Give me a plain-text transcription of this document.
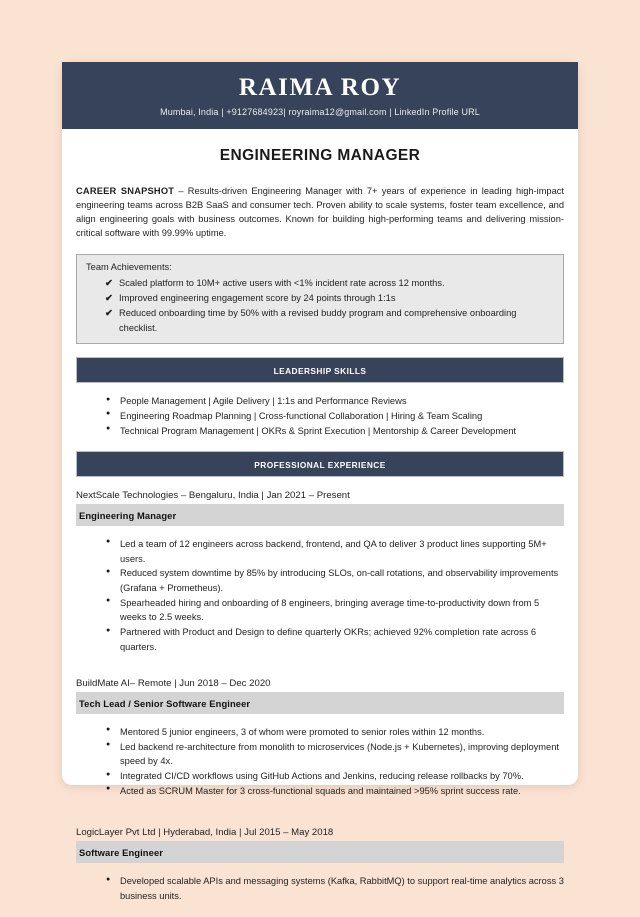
RAIMA ROY
Mumbai, India | +9127684923| royraima12@gmail.com | LinkedIn Profile URL
ENGINEERING MANAGER

CAREER SNAPSHOT – Results-driven Engineering Manager with 7+ years of experience in leading high-impact engineering teams across B2B SaaS and consumer tech. Proven ability to scale systems, foster team excellence, and align engineering goals with business outcomes. Known for building high-performing teams and delivering mission-critical software with 99.99% uptime.

Team Achievements:
✔ Scaled platform to 10M+ active users with <1% incident rate across 12 months.
✔ Improved engineering engagement score by 24 points through 1:1s
✔ Reduced onboarding time by 50% with a revised buddy program and comprehensive onboarding checklist.
LEADERSHIP SKILLS
● People Management | Agile Delivery | 1:1s and Performance Reviews
● Engineering Roadmap Planning | Cross-functional Collaboration | Hiring & Team Scaling
● Technical Program Management | OKRs & Sprint Execution | Mentorship & Career Development
PROFESSIONAL EXPERIENCE
NextScale Technologies – Bengaluru, India | Jan 2021 – Present
Engineering Manager
● Led a team of 12 engineers across backend, frontend, and QA to deliver 3 product lines supporting 5M+ users.
● Reduced system downtime by 85% by introducing SLOs, on-call rotations, and observability improvements (Grafana + Prometheus).
● Spearheaded hiring and onboarding of 8 engineers, bringing average time-to-productivity down from 5 weeks to 2.5 weeks.
● Partnered with Product and Design to define quarterly OKRs; achieved 92% completion rate across 6 quarters.
BuildMate AI– Remote | Jun 2018 – Dec 2020
Tech Lead / Senior Software Engineer
● Mentored 5 junior engineers, 3 of whom were promoted to senior roles within 12 months.
● Led backend re-architecture from monolith to microservices (Node.js + Kubernetes), improving deployment speed by 4x.
● Integrated CI/CD workflows using GitHub Actions and Jenkins, reducing release rollbacks by 70%.
● Acted as SCRUM Master for 3 cross-functional squads and maintained >95% sprint success rate.
LogicLayer Pvt Ltd | Hyderabad, India | Jul 2015 – May 2018
Software Engineer
● Developed scalable APIs and messaging systems (Kafka, RabbitMQ) to support real-time analytics across 3 business units.
